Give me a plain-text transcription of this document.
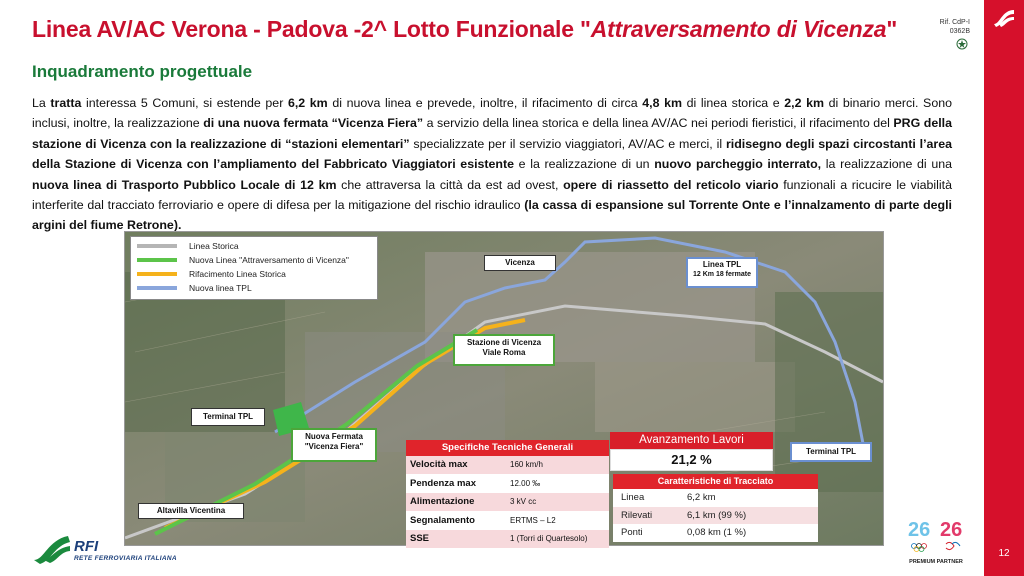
12
Linea AV/AC Verona - Padova -2^ Lotto Funzionale "Attraversamento di Vicenza"	Rif. CdP-I
0362B
Inquadramento progettuale
La tratta interessa 5 Comuni, si estende per 6,2 km di nuova linea e prevede, inoltre, il rifacimento di circa 4,8 km di linea storica e 2,2 km di binario merci. Sono inclusi, inoltre, la realizzazione di una nuova fermata “Vicenza Fiera” a servizio della linea storica e della linea AV/AC nei periodi fieristici, il rifacimento del PRG della stazione di Vicenza con la realizzazione di “stazioni elementari” specializzate per il servizio viaggiatori, AV/AC e merci, il ridisegno degli spazi circostanti l’area della Stazione di Vicenza con l’ampliamento del Fabbricato Viaggiatori esistente e la realizzazione di un nuovo parcheggio interrato, la realizzazione di una nuova linea di Trasporto Pubblico Locale di 12 km che attraversa la città da est ad ovest, opere di riassetto del reticolo viario funzionali a ricucire le viabilità interferite dal tracciato ferroviario e opere di difesa per la mitigazione del rischio idraulico (la cassa di espansione sul Torrente Onte e l’innalzamento di parte degli argini del fiume Retrone).
Linea Storica
Nuova Linea "Attraversamento di Vicenza"
Rifacimento Linea Storica
Nuova linea TPL
Vicenza	Linea TPL
12 Km 18 fermate
Stazione di Vicenza
Viale Roma
Terminal TPL
Nuova Fermata
"Vicenza Fiera"
Terminal TPL
Altavilla Vicentina
Specifiche Tecniche Generali
Velocità max	160 km/h
Pendenza max	12.00 ‰
Alimentazione	3 kV cc
Segnalamento	ERTMS – L2
SSE	1 (Torri di Quartesolo)
Avanzamento Lavori
21,2 %
Caratteristiche di Tracciato
Linea	6,2 km
Rilevati	6,1 km (99 %)
Ponti	0,08 km (1 %)
RFI
RETE FERROVIARIA ITALIANA
26 26
PREMIUM PARTNER
